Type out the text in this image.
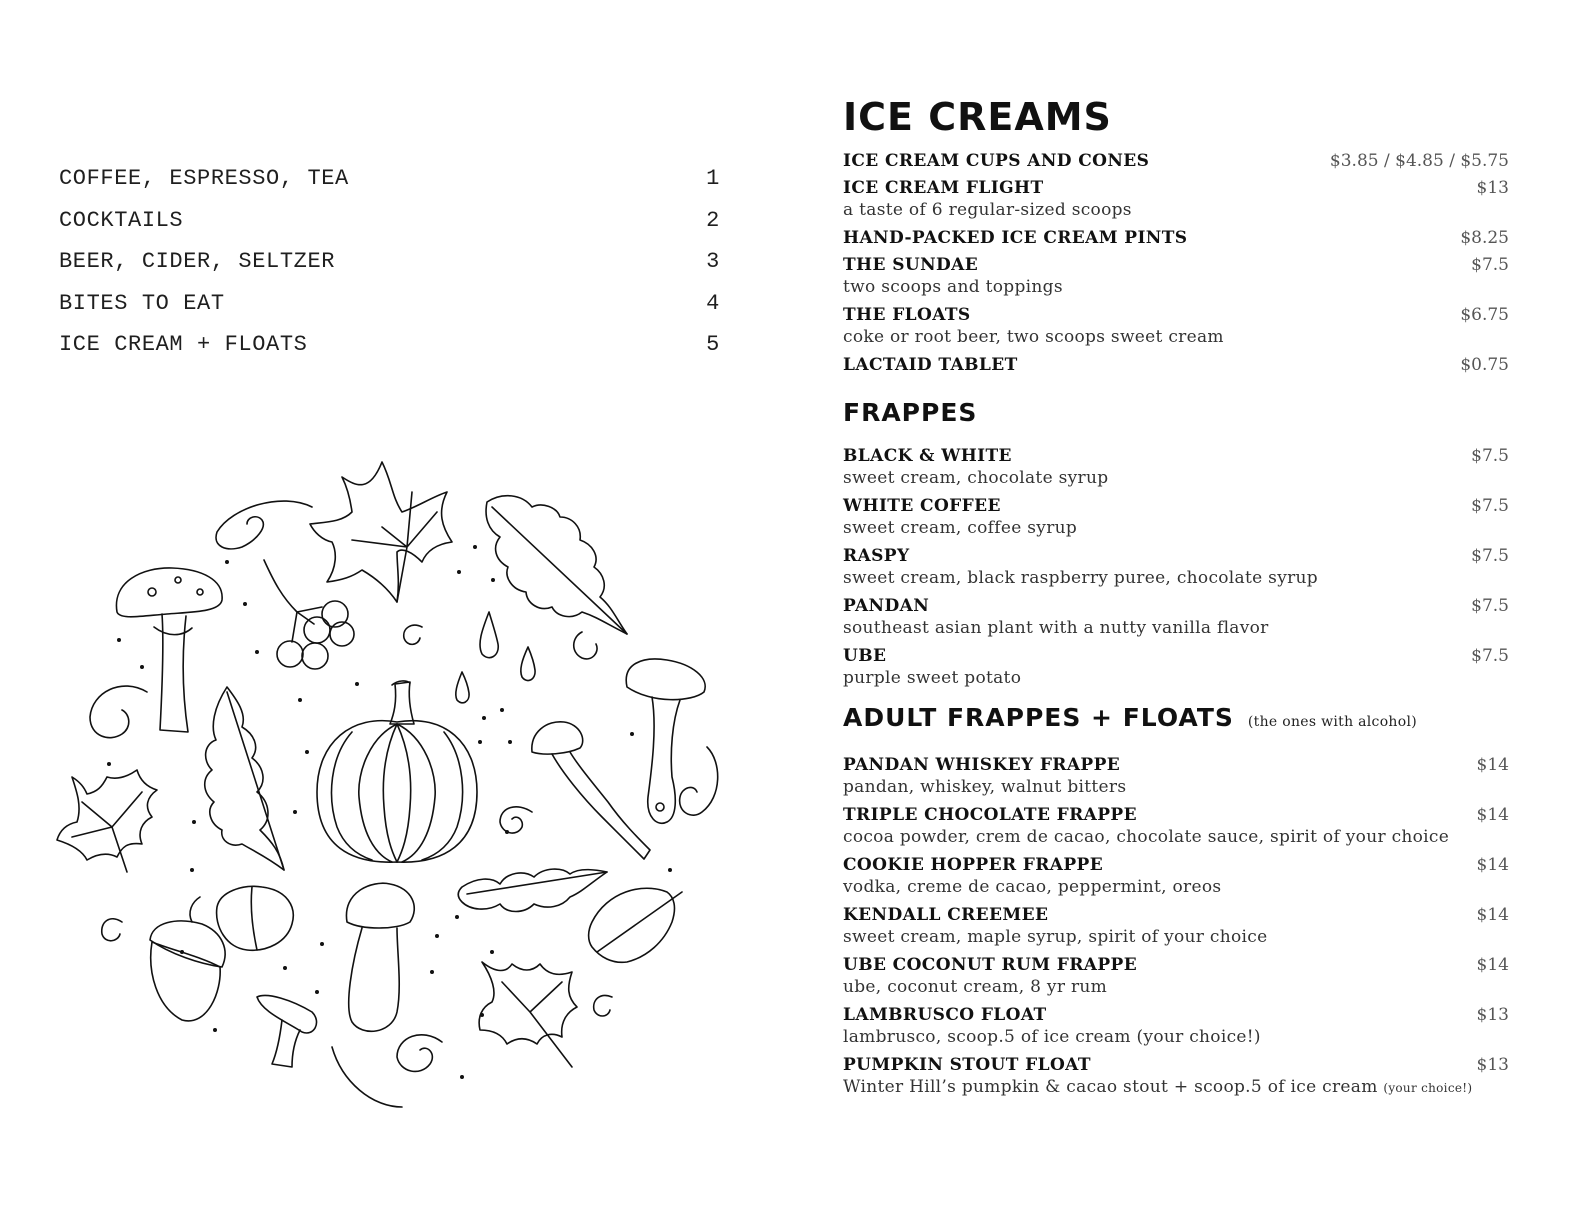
COFFEE, ESPRESSO, TEA	1
COCKTAILS	2
BEER, CIDER, SELTZER	3
BITES TO EAT	4
ICE CREAM + FLOATS	5
ICE CREAMS
ICE CREAM CUPS AND CONES	$3.85 / $4.85 / $5.75
ICE CREAM FLIGHT	$13
a taste of 6 regular-sized scoops
HAND-PACKED ICE CREAM PINTS	$8.25
THE SUNDAE	$7.5
two scoops and toppings
THE FLOATS	$6.75
coke or root beer, two scoops sweet cream
LACTAID TABLET	$0.75
FRAPPES
BLACK & WHITE	$7.5
sweet cream, chocolate syrup
WHITE COFFEE	$7.5
sweet cream, coffee syrup
RASPY	$7.5
sweet cream, black raspberry puree, chocolate syrup
PANDAN	$7.5
southeast asian plant with a nutty vanilla flavor
UBE	$7.5
purple sweet potato
ADULT FRAPPES + FLOATS (the ones with alcohol)
PANDAN WHISKEY FRAPPE	$14
pandan, whiskey, walnut bitters
TRIPLE CHOCOLATE FRAPPE	$14
cocoa powder, crem de cacao, chocolate sauce, spirit of your choice
COOKIE HOPPER FRAPPE	$14
vodka, creme de cacao, peppermint, oreos
KENDALL CREEMEE	$14
sweet cream, maple syrup, spirit of your choice
UBE COCONUT RUM FRAPPE	$14
ube, coconut cream, 8 yr rum
LAMBRUSCO FLOAT	$13
lambrusco, scoop.5 of ice cream (your choice!)
PUMPKIN STOUT FLOAT	$13
Winter Hill’s pumpkin & cacao stout + scoop.5 of ice cream (your choice!)
